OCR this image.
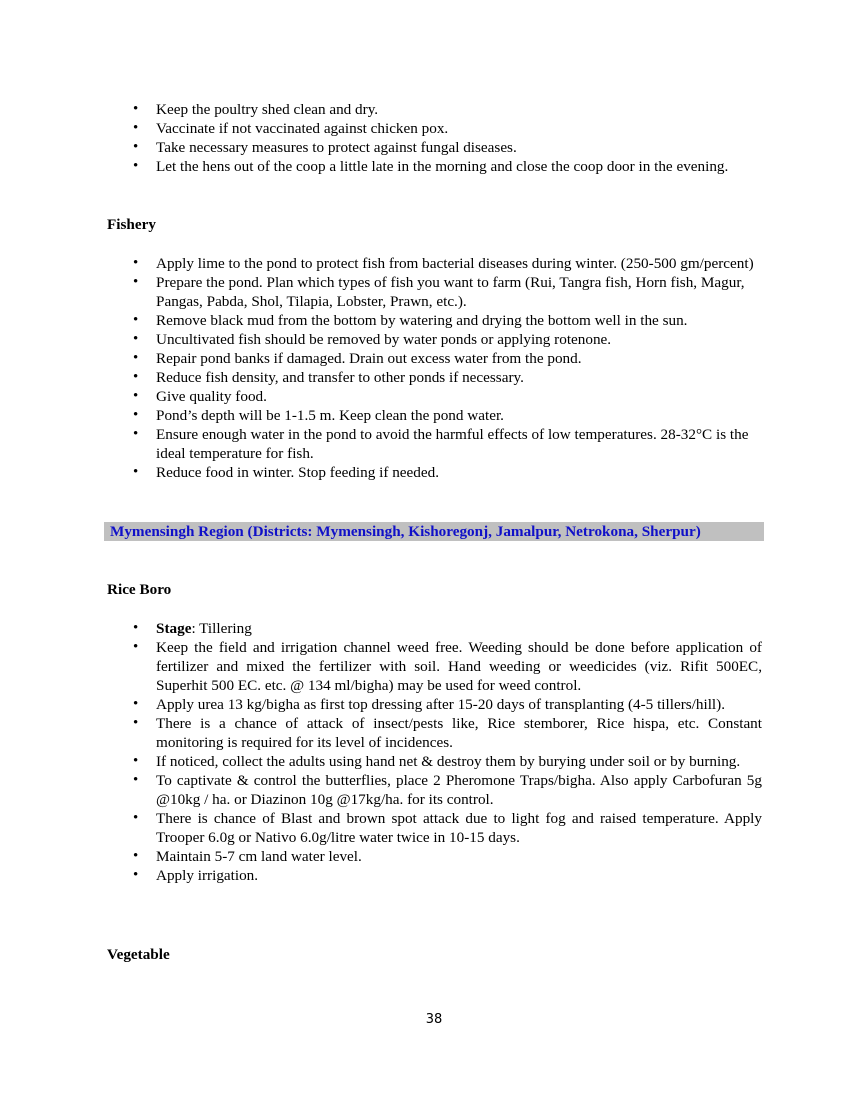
• Keep the poultry shed clean and dry.
• Vaccinate if not vaccinated against chicken pox.
• Take necessary measures to protect against fungal diseases.
• Let the hens out of the coop a little late in the morning and close the coop door in the evening.
Fishery
• Apply lime to the pond to protect fish from bacterial diseases during winter. (250-500 gm/percent)
• Prepare the pond. Plan which types of fish you want to farm (Rui, Tangra fish, Horn fish, Magur, Pangas, Pabda, Shol, Tilapia, Lobster, Prawn, etc.).
• Remove black mud from the bottom by watering and drying the bottom well in the sun.
• Uncultivated fish should be removed by water ponds or applying rotenone.
• Repair pond banks if damaged. Drain out excess water from the pond.
• Reduce fish density, and transfer to other ponds if necessary.
• Give quality food.
• Pond’s depth will be 1-1.5 m. Keep clean the pond water.
• Ensure enough water in the pond to avoid the harmful effects of low temperatures. 28-32°C is the ideal temperature for fish.
• Reduce food in winter. Stop feeding if needed.
Mymensingh Region (Districts: Mymensingh, Kishoregonj, Jamalpur, Netrokona, Sherpur)
Rice Boro
• Stage: Tillering
• Keep the field and irrigation channel weed free. Weeding should be done before application of fertilizer and mixed the fertilizer with soil. Hand weeding or weedicides (viz. Rifit 500EC, Superhit 500 EC. etc. @ 134 ml/bigha) may be used for weed control.
• Apply urea 13 kg/bigha as first top dressing after 15-20 days of transplanting (4-5 tillers/hill).
• There is a chance of attack of insect/pests like, Rice stemborer, Rice hispa, etc. Constant monitoring is required for its level of incidences.
• If noticed, collect the adults using hand net & destroy them by burying under soil or by burning.
• To captivate & control the butterflies, place 2 Pheromone Traps/bigha. Also apply Carbofuran 5g @10kg / ha. or Diazinon 10g @17kg/ha. for its control.
• There is chance of Blast and brown spot attack due to light fog and raised temperature. Apply Trooper 6.0g or Nativo 6.0g/litre water twice in 10-15 days.
• Maintain 5-7 cm land water level.
• Apply irrigation.
Vegetable
38
